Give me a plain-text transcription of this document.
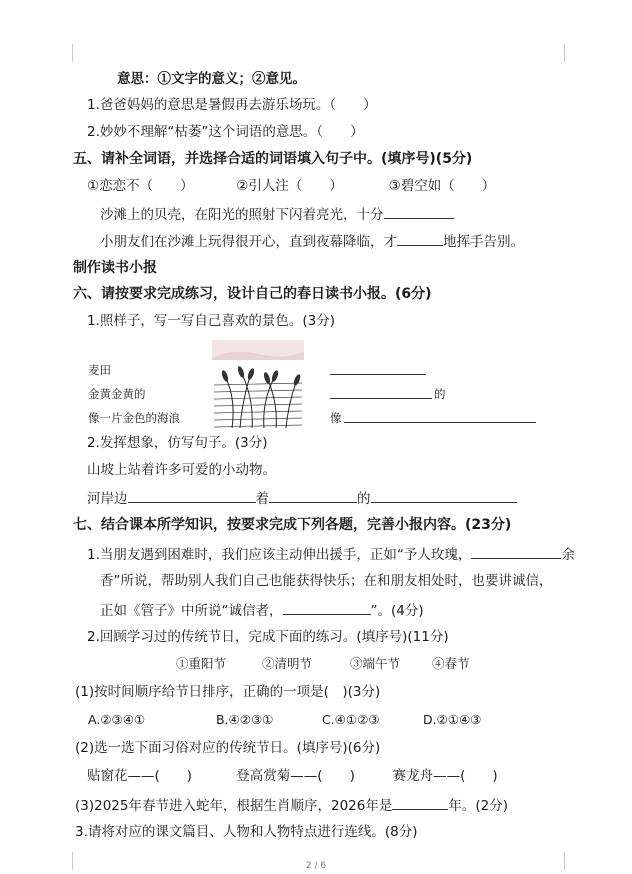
意思：①文字的意义；②意见。
1.爸爸妈妈的意思是暑假再去游乐场玩。（　　）
2.妙妙不理解“枯萎”这个词语的意思。（　　）
五、请补全词语，并选择合适的词语填入句子中。(填序号)(5分)
①恋恋不（　　）	②引人注（　　）	③碧空如（　　）
沙滩上的贝壳，在阳光的照射下闪着亮光，十分
小朋友们在沙滩上玩得很开心，直到夜幕降临，才	地挥手告别。
制作读书小报
六、请按要求完成练习，设计自己的春日读书小报。(6分)
1.照样子，写一写自己喜欢的景色。(3分)
麦田
金黄金黄的
像一片金色的海浪
的
像
2.发挥想象，仿写句子。(3分)
山坡上站着许多可爱的小动物。
河岸边	着	的
七、结合课本所学知识，按要求完成下列各题，完善小报内容。(23分)
1.当朋友遇到困难时，我们应该主动伸出援手，正如“予人玫瑰，	余
香”所说，帮助别人我们自己也能获得快乐；在和朋友相处时，也要讲诚信，
正如《管子》中所说“诚信者，	”。(4分)
2.回顾学习过的传统节日，完成下面的练习。(填序号)(11分)
①重阳节	②清明节	③端午节	④春节
(1)按时间顺序给节日排序，正确的一项是(　)(3分)
A.②③④①	B.④②③①	C.④①②③	D.②①④③
(2)选一选下面习俗对应的传统节日。(填序号)(6分)
贴窗花——(　　)	登高赏菊——(　　)	赛龙舟——(　　)
(3)2025年春节进入蛇年，根据生肖顺序，2026年是	年。(2分)
3.请将对应的课文篇目、人物和人物特点进行连线。(8分)
2 / 6
